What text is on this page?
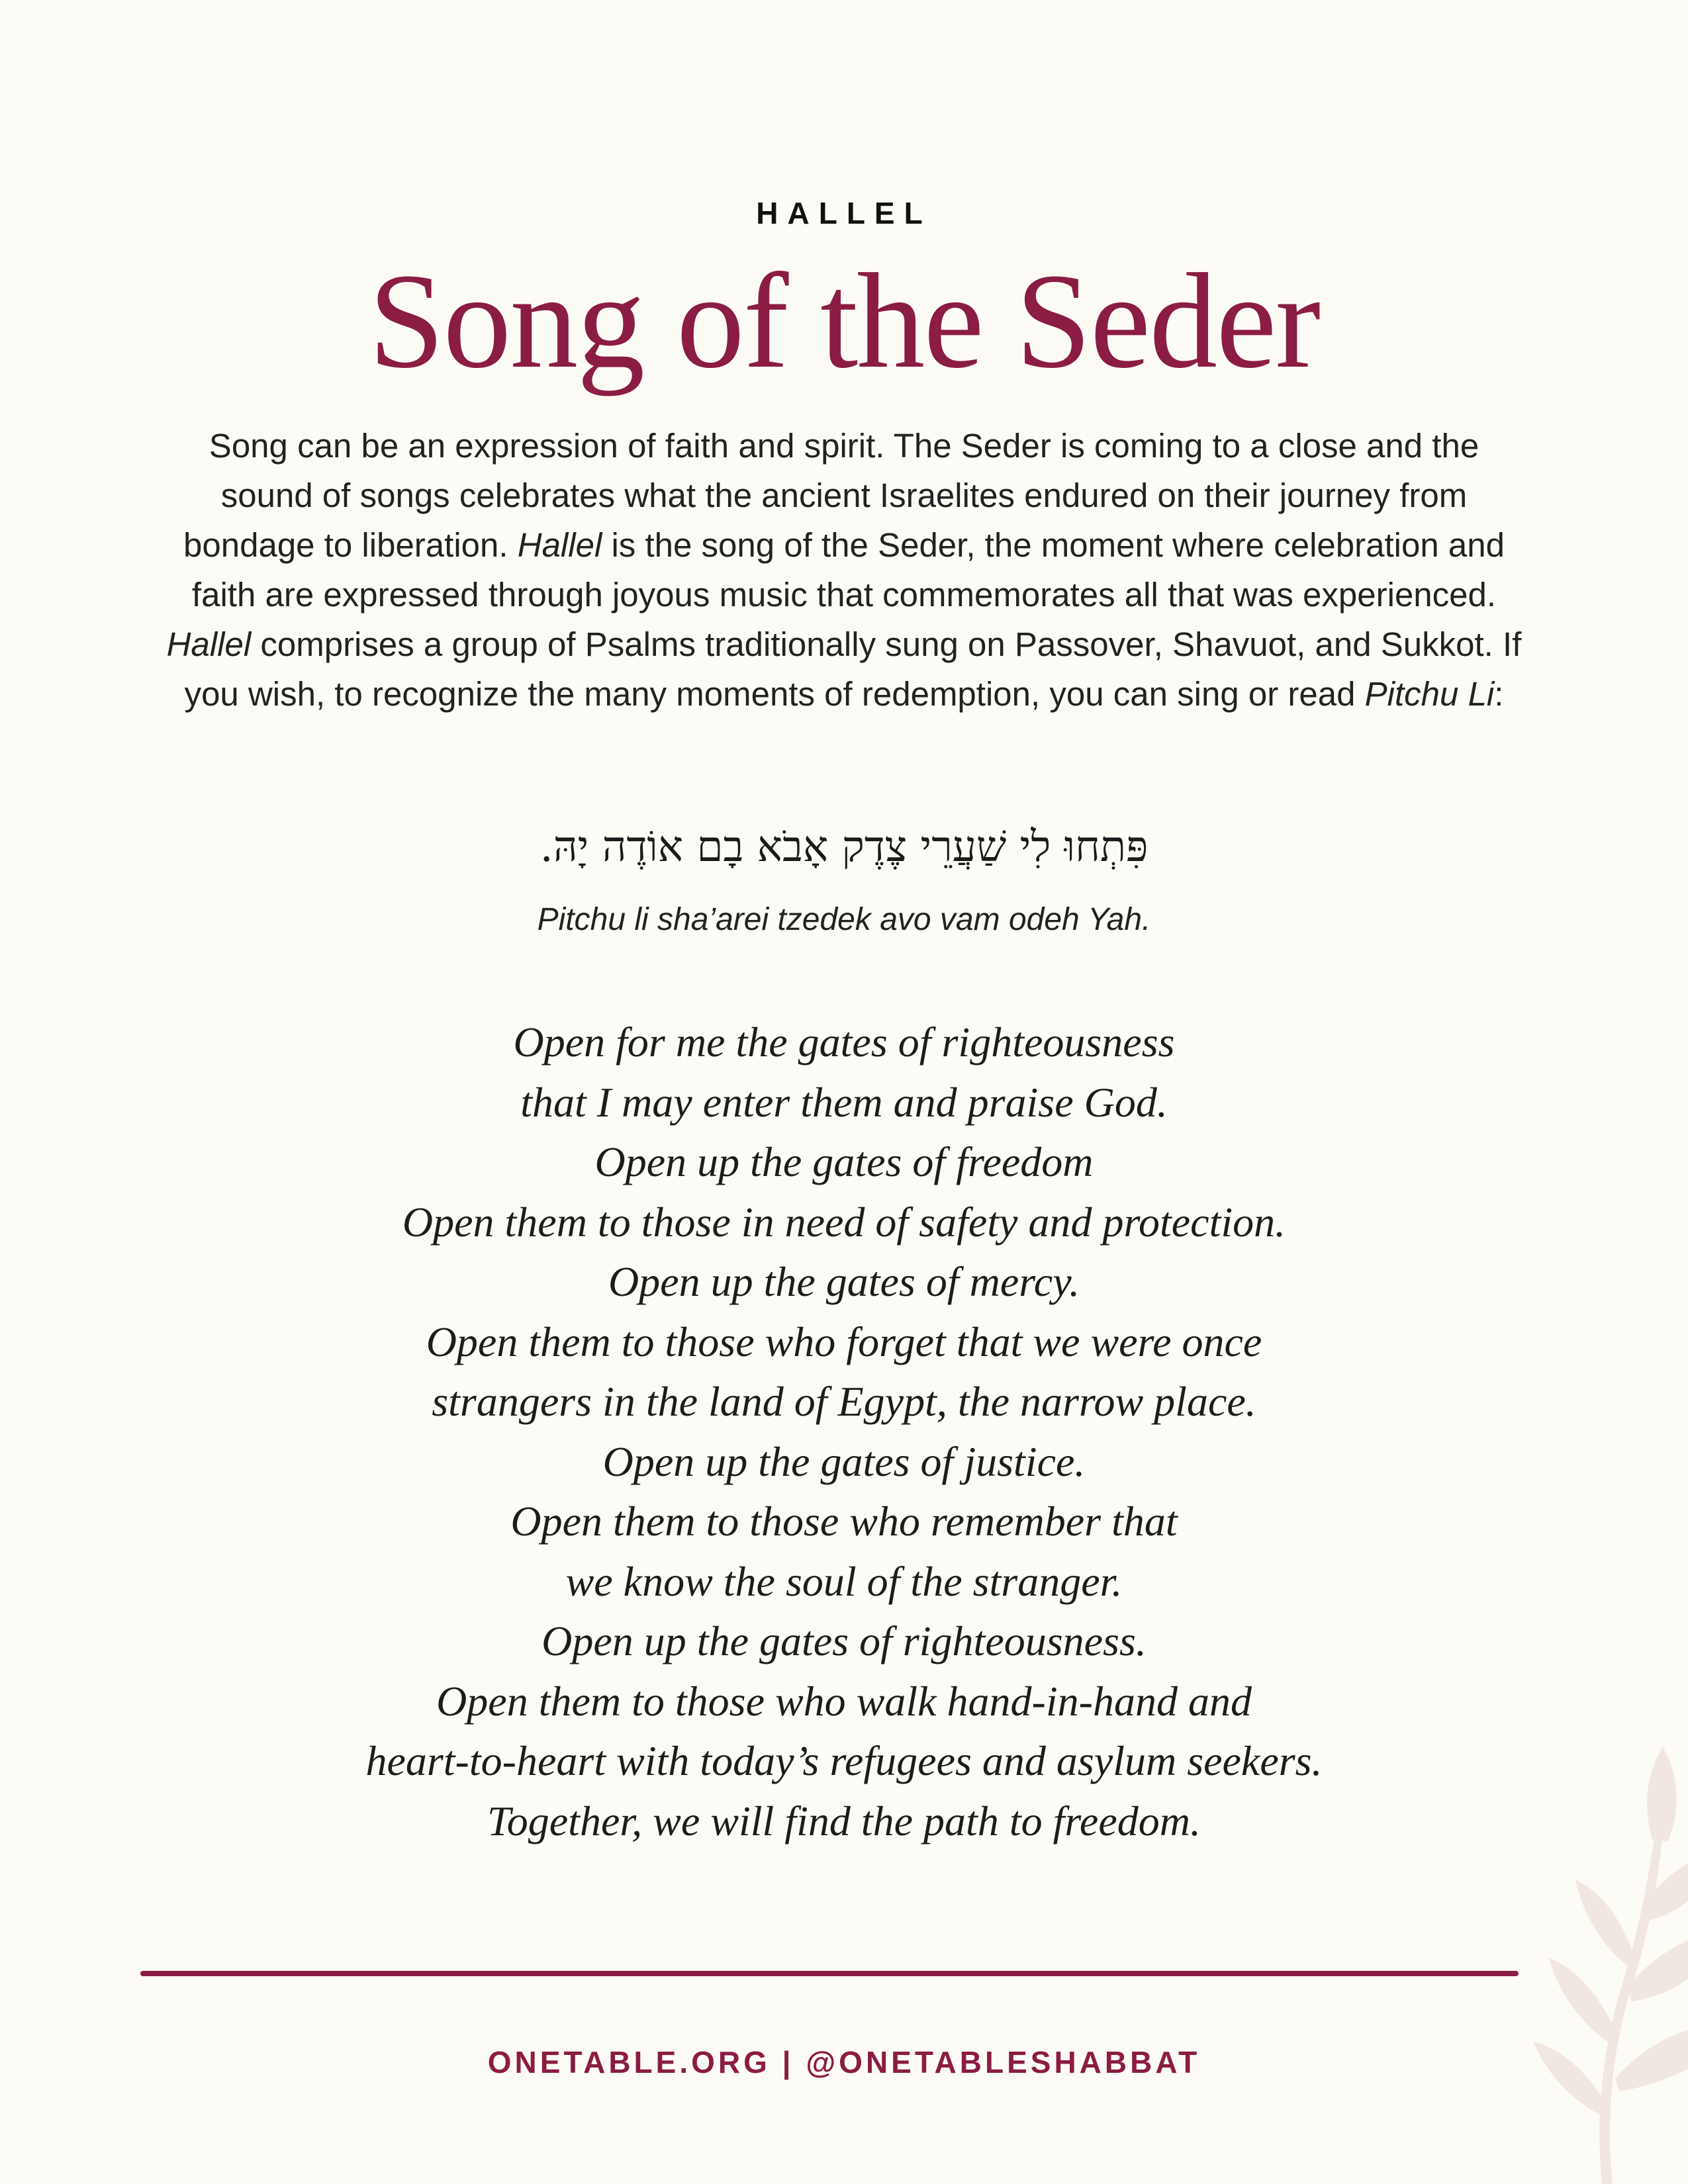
HALLEL
Song of the Seder

Song can be an expression of faith and spirit. The Seder is coming to a close and the sound of songs celebrates what the ancient Israelites endured on their journey from bondage to liberation. Hallel is the song of the Seder, the moment where celebration and faith are expressed through joyous music that commemorates all that was experienced. Hallel comprises a group of Psalms traditionally sung on Passover, Shavuot, and Sukkot. If you wish, to recognize the many moments of redemption, you can sing or read Pitchu Li:

פִּתְחוּ לִי שַׁעֲרֵי צֶדֶק אָבֹא בָם אוֹדֶה יָהּ.
Pitchu li sha’arei tzedek avo vam odeh Yah.
Open for me the gates of righteousness
that I may enter them and praise God.
Open up the gates of freedom
Open them to those in need of safety and protection.
Open up the gates of mercy.
Open them to those who forget that we were once
strangers in the land of Egypt, the narrow place.
Open up the gates of justice.
Open them to those who remember that
we know the soul of the stranger.
Open up the gates of righteousness.
Open them to those who walk hand-in-hand and
heart-to-heart with today’s refugees and asylum seekers.
Together, we will find the path to freedom.
ONETABLE.ORG | @ONETABLESHABBAT
